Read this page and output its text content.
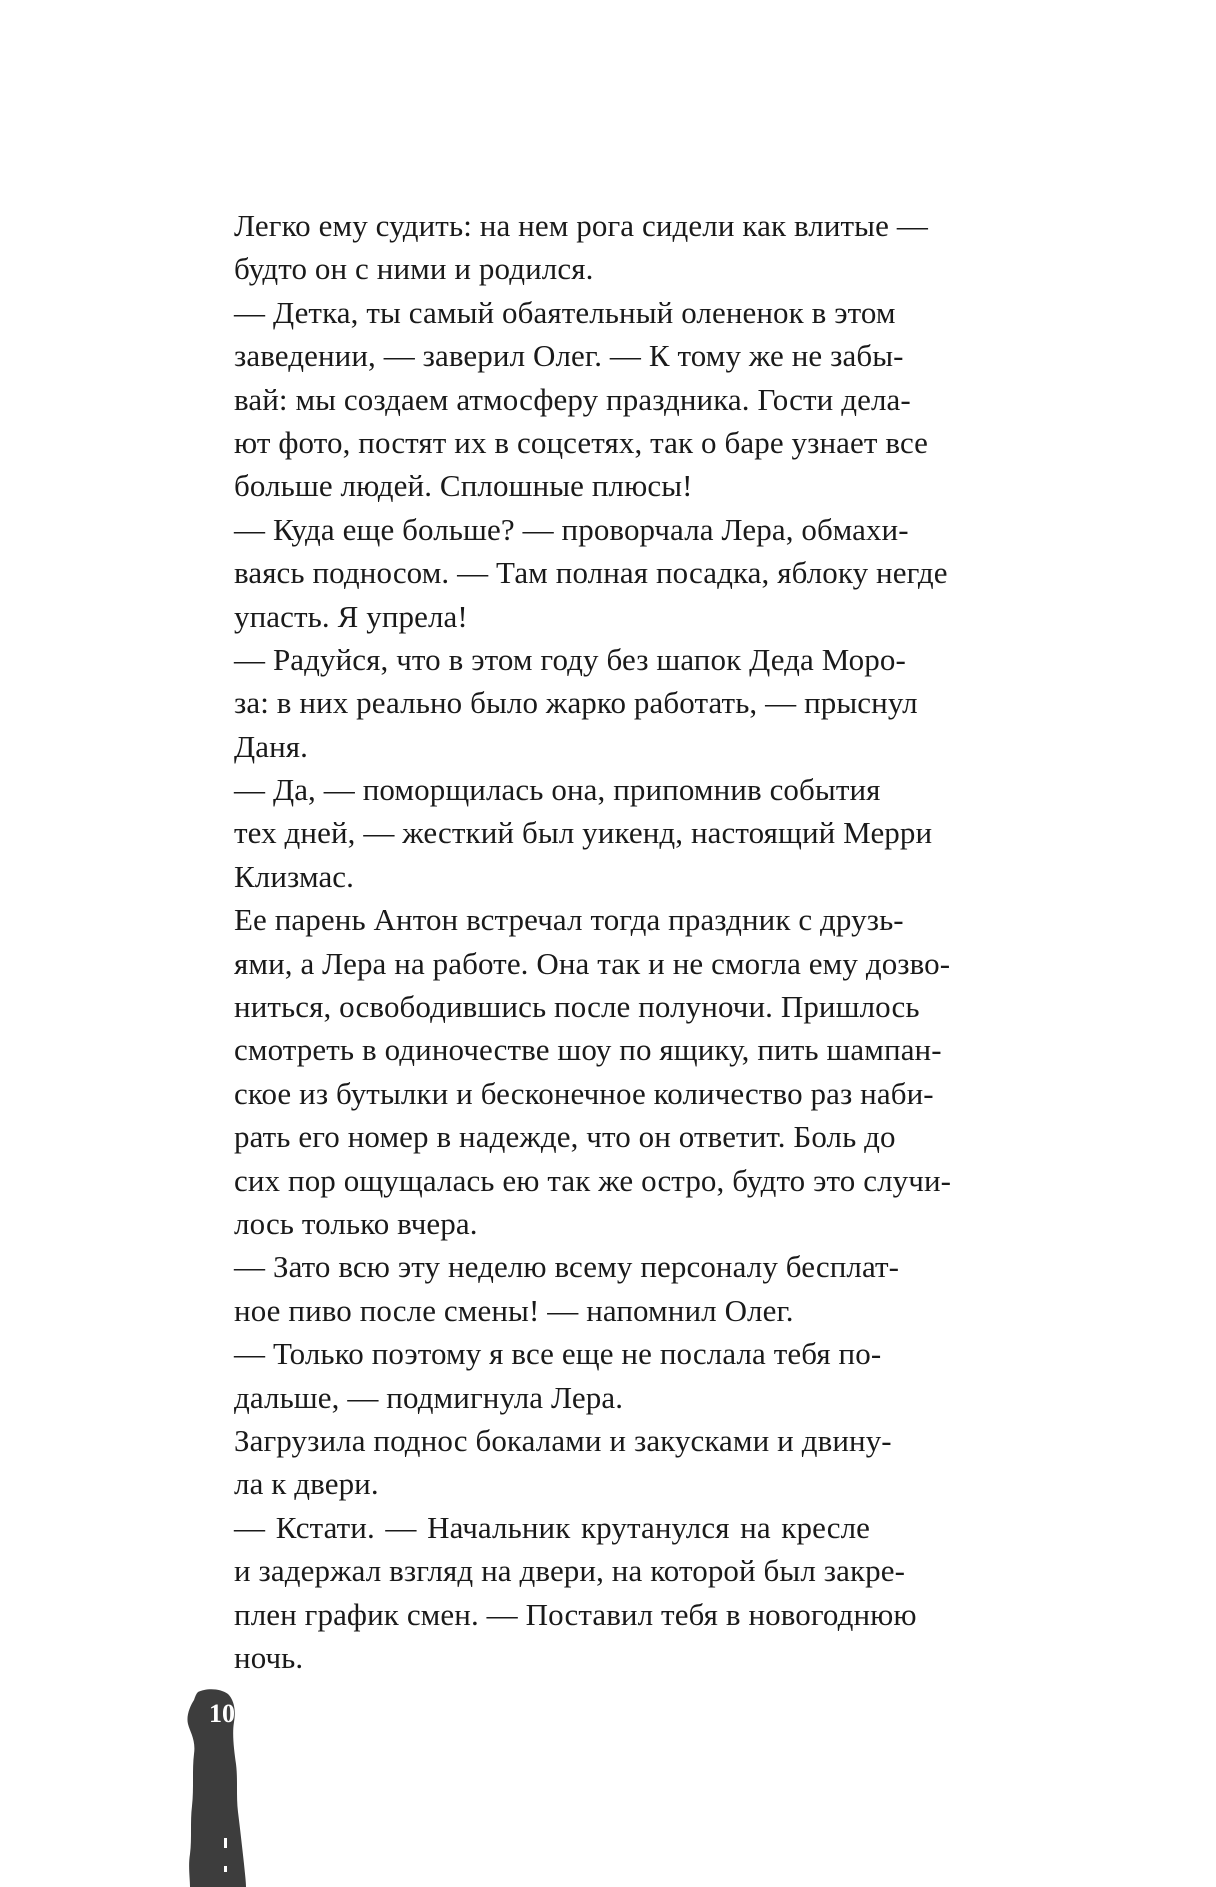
Легко ему судить: на нем рога сидели как влитые —
будто он с ними и родился.
— Детка, ты самый обаятельный олененок в этом
заведении, — заверил Олег. — К тому же не забы-
вай: мы создаем атмосферу праздника. Гости дела-
ют фото, постят их в соцсетях, так о баре узнает все
больше людей. Сплошные плюсы!
— Куда еще больше? — проворчала Лера, обмахи-
ваясь подносом. — Там полная посадка, яблоку негде
упасть. Я упрела!
— Радуйся, что в этом году без шапок Деда Моро-
за: в них реально было жарко работать, — прыснул
Даня.
— Да, — поморщилась она, припомнив события
тех дней, — жесткий был уикенд, настоящий Мерри
Клизмас.
Ее парень Антон встречал тогда праздник с друзь-
ями, а Лера на работе. Она так и не смогла ему дозво-
ниться, освободившись после полуночи. Пришлось
смотреть в одиночестве шоу по ящику, пить шампан-
ское из бутылки и бесконечное количество раз наби-
рать его номер в надежде, что он ответит. Боль до
сих пор ощущалась ею так же остро, будто это случи-
лось только вчера.
— Зато всю эту неделю всему персоналу бесплат-
ное пиво после смены! — напомнил Олег.
— Только поэтому я все еще не послала тебя по-
дальше, — подмигнула Лера.
Загрузила поднос бокалами и закусками и двину-
ла к двери.
— Кстати. — Начальник крутанулся на кресле
и задержал взгляд на двери, на которой был закре-
плен график смен. — Поставил тебя в новогоднюю
ночь.
10
